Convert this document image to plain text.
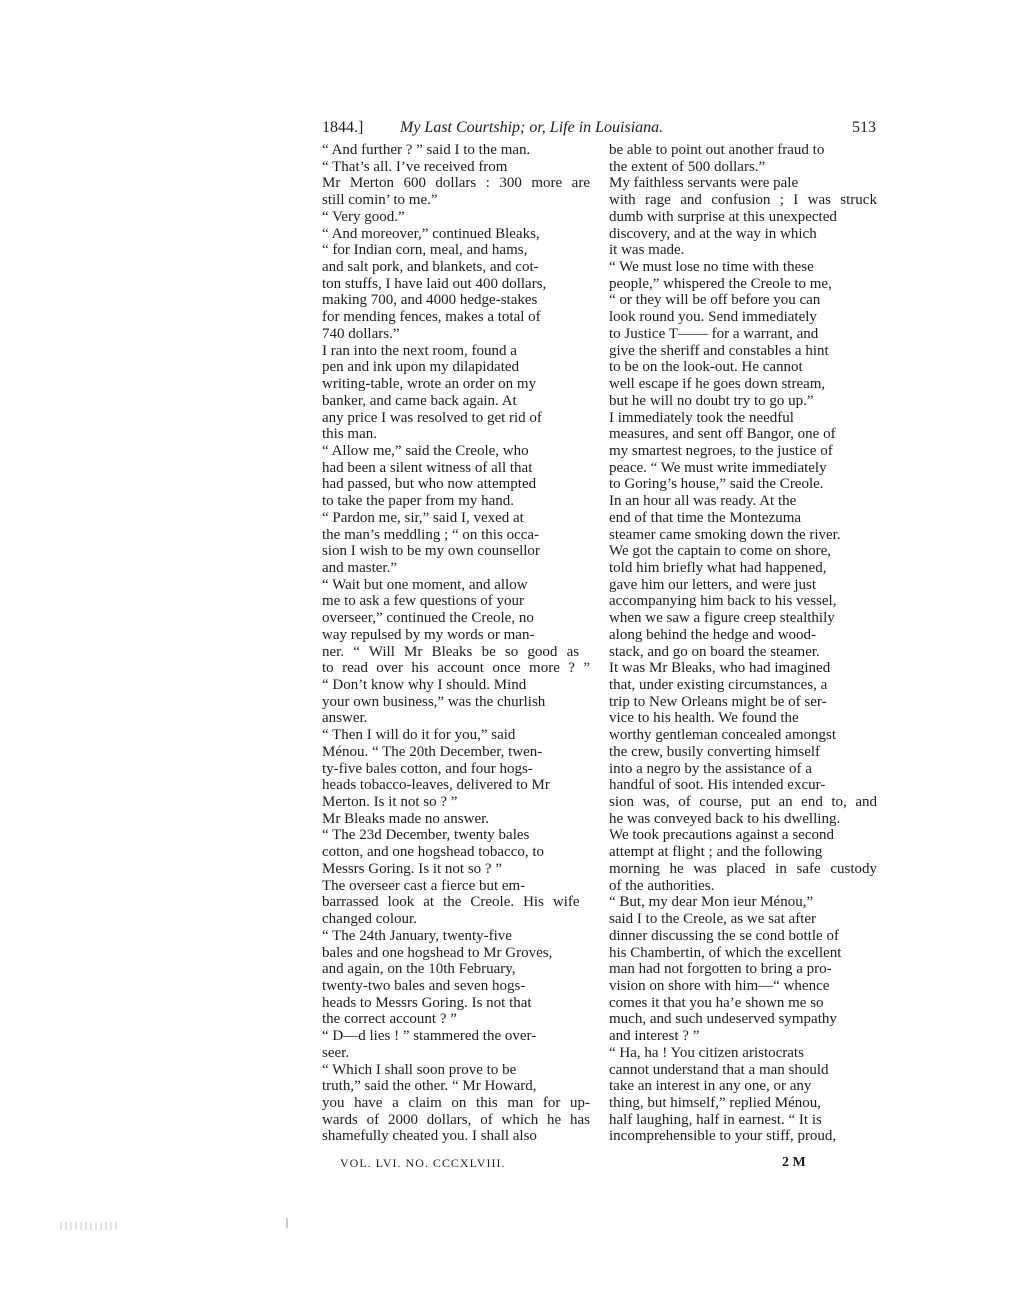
1844.] My Last Courtship; or, Life in Louisiana.	513
“ And further ? ” said I to the man.
“ That’s all. I’ve received from
Mr Merton 600 dollars : 300 more are
still comin’ to me.”
“ Very good.”
“ And moreover,” continued Bleaks,
“ for Indian corn, meal, and hams,
and salt pork, and blankets, and cot-
ton stuffs, I have laid out 400 dollars,
making 700, and 4000 hedge-stakes
for mending fences, makes a total of
740 dollars.”
I ran into the next room, found a
pen and ink upon my dilapidated
writing-table, wrote an order on my
banker, and came back again. At
any price I was resolved to get rid of
this man.
“ Allow me,” said the Creole, who
had been a silent witness of all that
had passed, but who now attempted
to take the paper from my hand.
“ Pardon me, sir,” said I, vexed at
the man’s meddling ; “ on this occa-
sion I wish to be my own counsellor
and master.”
“ Wait but one moment, and allow
me to ask a few questions of your
overseer,” continued the Creole, no
way repulsed by my words or man-
ner. “ Will Mr Bleaks be so good as
to read over his account once more ? ”
“ Don’t know why I should. Mind
your own business,” was the churlish
answer.
“ Then I will do it for you,” said
Ménou. “ The 20th December, twen-
ty-five bales cotton, and four hogs-
heads tobacco-leaves, delivered to Mr
Merton. Is it not so ? ”
Mr Bleaks made no answer.
“ The 23d December, twenty bales
cotton, and one hogshead tobacco, to
Messrs Goring. Is it not so ? ”
The overseer cast a fierce but em-
barrassed look at the Creole. His wife
changed colour.
“ The 24th January, twenty-five
bales and one hogshead to Mr Groves,
and again, on the 10th February,
twenty-two bales and seven hogs-
heads to Messrs Goring. Is not that
the correct account ? ”
“ D—d lies ! ” stammered the over-
seer.
“ Which I shall soon prove to be
truth,” said the other. “ Mr Howard,
you have a claim on this man for up-
wards of 2000 dollars, of which he has
shamefully cheated you. I shall also
be able to point out another fraud to
the extent of 500 dollars.”
My faithless servants were pale
with rage and confusion ; I was struck
dumb with surprise at this unexpected
discovery, and at the way in which
it was made.
“ We must lose no time with these
people,” whispered the Creole to me,
“ or they will be off before you can
look round you. Send immediately
to Justice T—— for a warrant, and
give the sheriff and constables a hint
to be on the look-out. He cannot
well escape if he goes down stream,
but he will no doubt try to go up.”
I immediately took the needful
measures, and sent off Bangor, one of
my smartest negroes, to the justice of
peace. “ We must write immediately
to Goring’s house,” said the Creole.
In an hour all was ready. At the
end of that time the Montezuma
steamer came smoking down the river.
We got the captain to come on shore,
told him briefly what had happened,
gave him our letters, and were just
accompanying him back to his vessel,
when we saw a figure creep stealthily
along behind the hedge and wood-
stack, and go on board the steamer.
It was Mr Bleaks, who had imagined
that, under existing circumstances, a
trip to New Orleans might be of ser-
vice to his health. We found the
worthy gentleman concealed amongst
the crew, busily converting himself
into a negro by the assistance of a
handful of soot. His intended excur-
sion was, of course, put an end to, and
he was conveyed back to his dwelling.
We took precautions against a second
attempt at flight ; and the following
morning he was placed in safe custody
of the authorities.
“ But, my dear Mon ieur Ménou,”
said I to the Creole, as we sat after
dinner discussing the se cond bottle of
his Chambertin, of which the excellent
man had not forgotten to bring a pro-
vision on shore with him—“ whence
comes it that you ha’e shown me so
much, and such undeserved sympathy
and interest ? ”
“ Ha, ha ! You citizen aristocrats
cannot understand that a man should
take an interest in any one, or any
thing, but himself,” replied Ménou,
half laughing, half in earnest. “ It is
incomprehensible to your stiff, proud,
VOL. LVI. NO. CCCXLVIII.	2 M
